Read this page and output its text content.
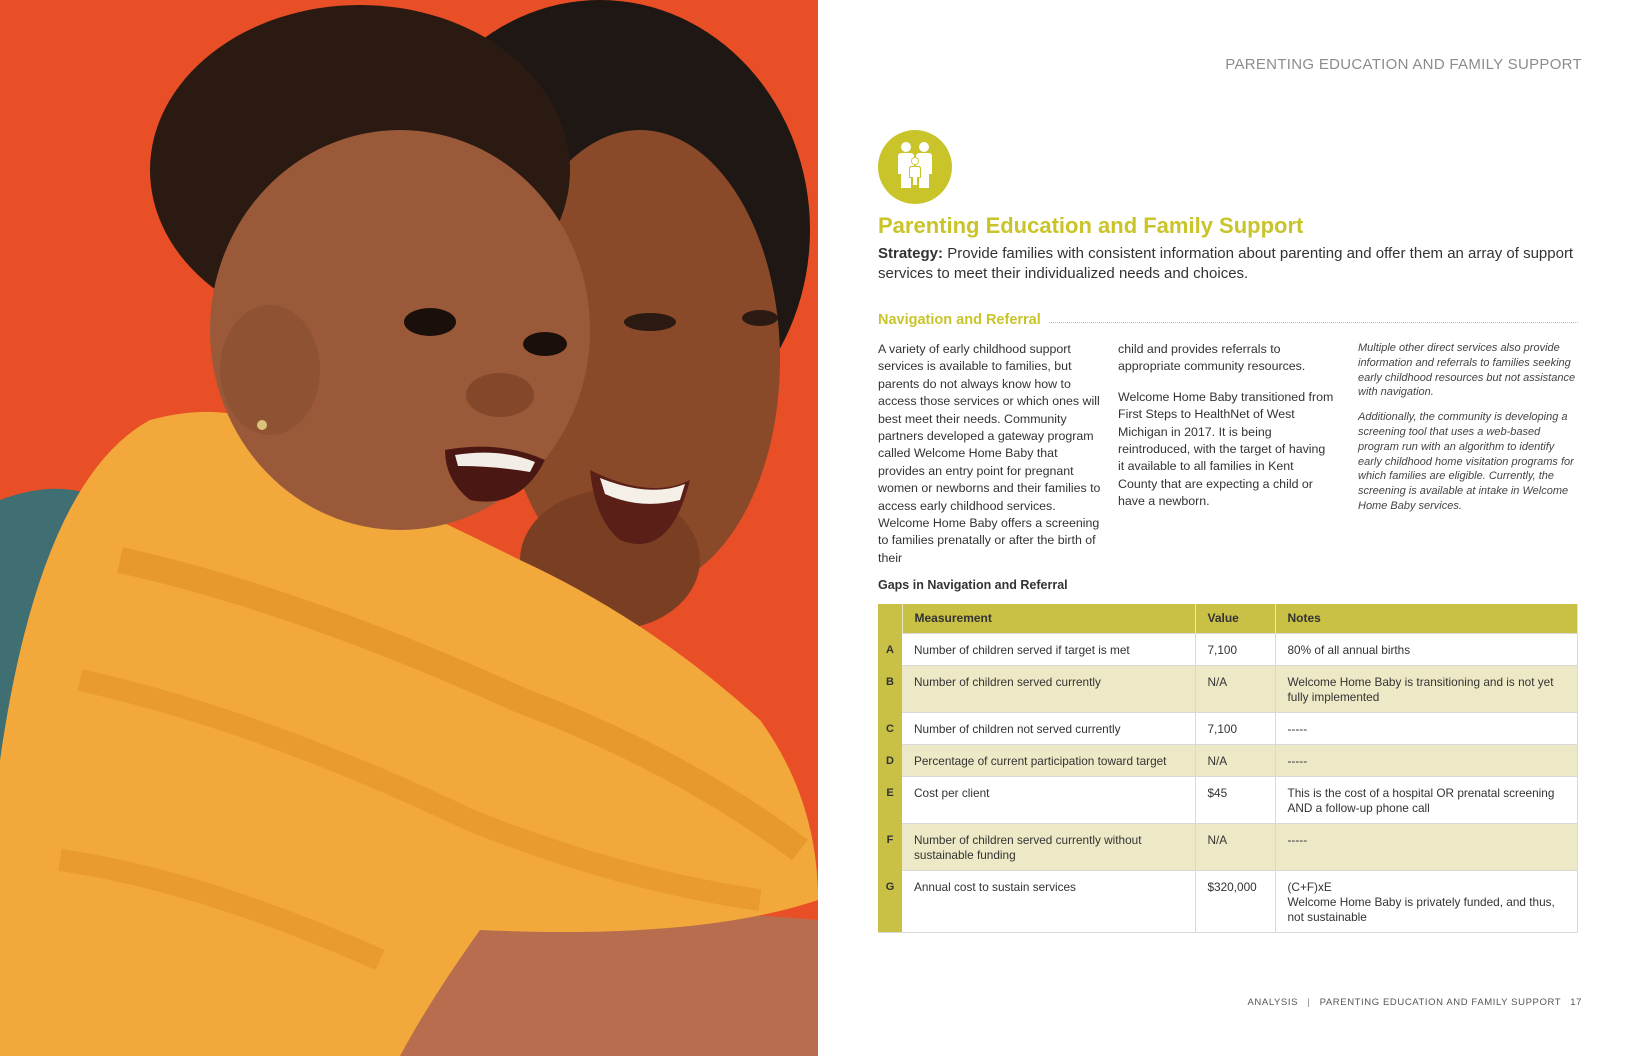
PARENTING EDUCATION AND FAMILY SUPPORT
Parenting Education and Family Support
Strategy: Provide families with consistent information about parenting and offer them an array of support services to meet their individualized needs and choices.
Navigation and Referral

A variety of early childhood support services is available to families, but parents do not always know how to access those services or which ones will best meet their needs. Community partners developed a gateway program called Welcome Home Baby that provides an entry point for pregnant women or newborns and their families to access early childhood services. Welcome Home Baby offers a screening to families prenatally or after the birth of their

child and provides referrals to appropriate community resources.

Welcome Home Baby transitioned from First Steps to HealthNet of West Michigan in 2017. It is being reintroduced, with the target of having it available to all families in Kent County that are expecting a child or have a newborn.

Multiple other direct services also provide information and referrals to families seeking early childhood resources but not assistance with navigation.

Additionally, the community is developing a screening tool that uses a web-based program run with an algorithm to identify early childhood home visitation programs for which families are eligible. Currently, the screening is available at intake in Welcome Home Baby services.

Gaps in Navigation and Referral
	Measurement	Value	Notes
A	Number of children served if target is met	7,100	80% of all annual births
B	Number of children served currently	N/A	Welcome Home Baby is transitioning and is not yet fully implemented
C	Number of children not served currently	7,100	-----
D	Percentage of current participation toward target	N/A	-----
E	Cost per client	$45	This is the cost of a hospital OR prenatal screening AND a follow-up phone call
F	Number of children served currently without sustainable funding	N/A	-----
G	Annual cost to sustain services	$320,000	(C+F)xE
Welcome Home Baby is privately funded, and thus, not sustainable
ANALYSIS | PARENTING EDUCATION AND FAMILY SUPPORT 17
